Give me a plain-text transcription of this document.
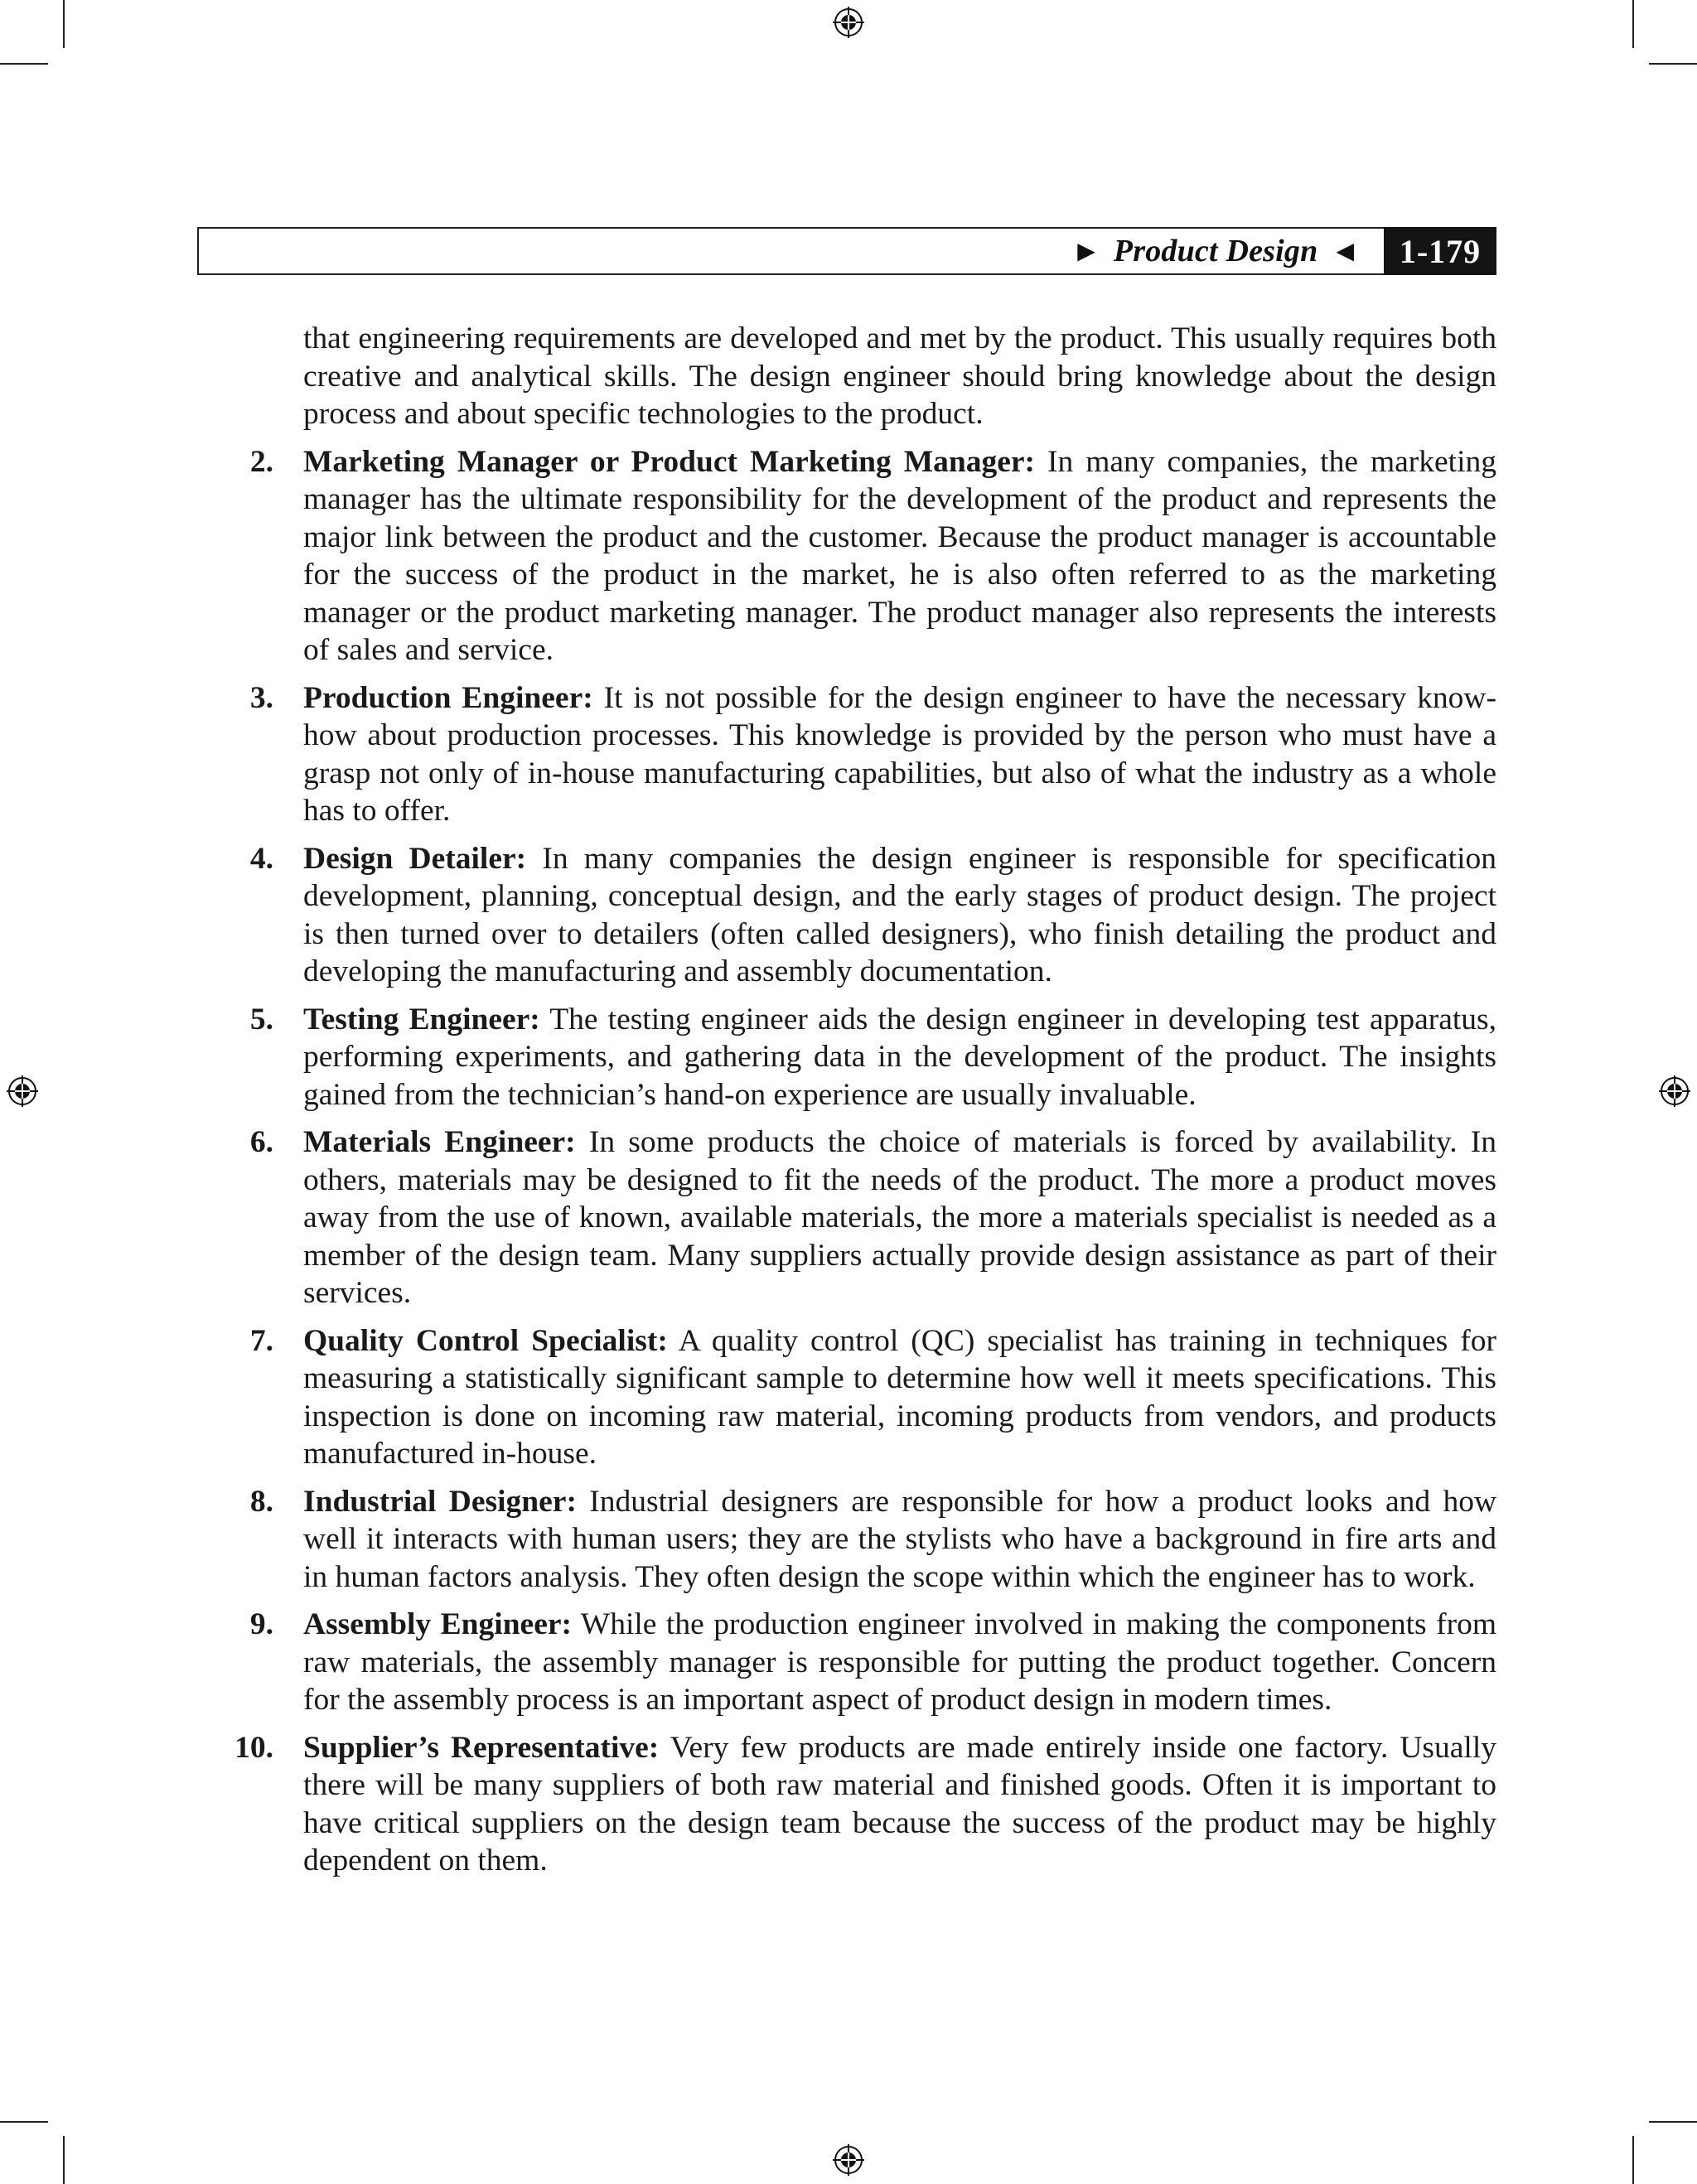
▶ Product Design ◀	1-179

that engineering requirements are developed and met by the product. This usually requires both creative and analytical skills. The design engineer should bring knowledge about the design process and about specific technologies to the product.

2. Marketing Manager or Product Marketing Manager: In many companies, the marketing manager has the ultimate responsibility for the development of the product and represents the major link between the product and the customer. Because the product manager is accountable for the success of the product in the market, he is also often referred to as the marketing manager or the product marketing manager. The product manager also represents the interests of sales and service.
3. Production Engineer: It is not possible for the design engineer to have the necessary know-how about production processes. This knowledge is provided by the person who must have a grasp not only of in-house manufacturing capabilities, but also of what the industry as a whole has to offer.
4. Design Detailer: In many companies the design engineer is responsible for specification development, planning, conceptual design, and the early stages of product design. The project is then turned over to detailers (often called designers), who finish detailing the product and developing the manufacturing and assembly documentation.
5. Testing Engineer: The testing engineer aids the design engineer in developing test apparatus, performing experiments, and gathering data in the development of the product. The insights gained from the technician’s hand-on experience are usually invaluable.
6. Materials Engineer: In some products the choice of materials is forced by availability. In others, materials may be designed to fit the needs of the product. The more a product moves away from the use of known, available materials, the more a materials specialist is needed as a member of the design team. Many suppliers actually provide design assistance as part of their services.
7. Quality Control Specialist: A quality control (QC) specialist has training in techniques for measuring a statistically significant sample to determine how well it meets specifications. This inspection is done on incoming raw material, incoming products from vendors, and products manufactured in-house.
8. Industrial Designer: Industrial designers are responsible for how a product looks and how well it interacts with human users; they are the stylists who have a background in fire arts and in human factors analysis. They often design the scope within which the engineer has to work.
9. Assembly Engineer: While the production engineer involved in making the components from raw materials, the assembly manager is responsible for putting the product together. Concern for the assembly process is an important aspect of product design in modern times.
10. Supplier’s Representative: Very few products are made entirely inside one factory. Usually there will be many suppliers of both raw material and finished goods. Often it is important to have critical suppliers on the design team because the success of the product may be highly dependent on them.
